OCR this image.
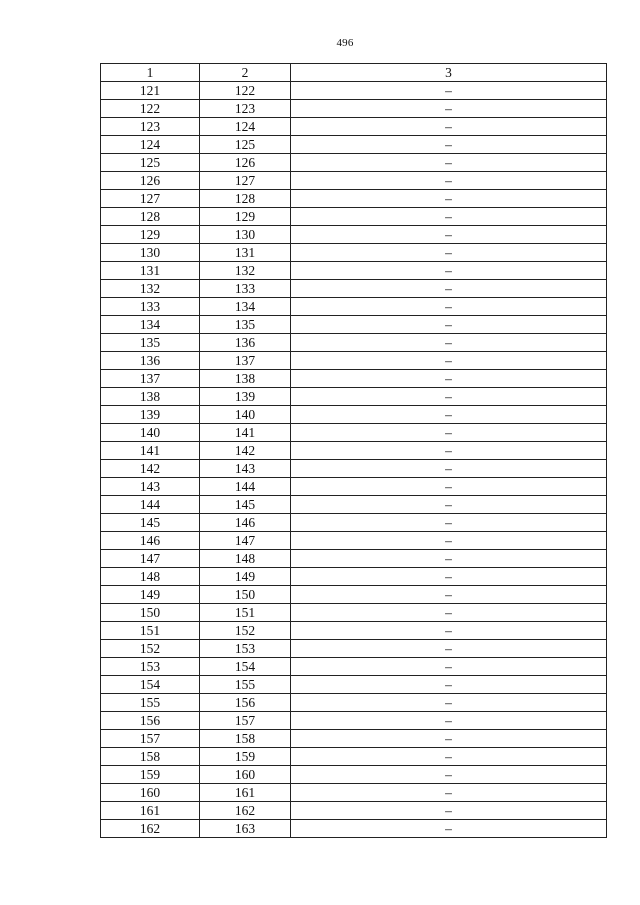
496
1	2	3
121	122	–
122	123	–
123	124	–
124	125	–
125	126	–
126	127	–
127	128	–
128	129	–
129	130	–
130	131	–
131	132	–
132	133	–
133	134	–
134	135	–
135	136	–
136	137	–
137	138	–
138	139	–
139	140	–
140	141	–
141	142	–
142	143	–
143	144	–
144	145	–
145	146	–
146	147	–
147	148	–
148	149	–
149	150	–
150	151	–
151	152	–
152	153	–
153	154	–
154	155	–
155	156	–
156	157	–
157	158	–
158	159	–
159	160	–
160	161	–
161	162	–
162	163	–
